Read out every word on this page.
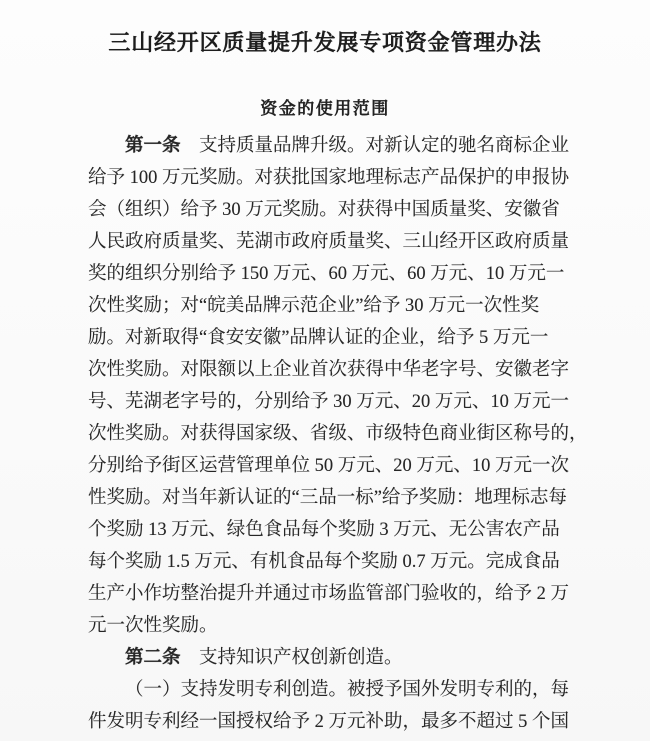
三山经开区质量提升发展专项资金管理办法
资金的使用范围
第一条　支持质量品牌升级。对新认定的驰名商标企业
给予 100 万元奖励。对获批国家地理标志产品保护的申报协
会（组织）给予 30 万元奖励。对获得中国质量奖、安徽省
人民政府质量奖、芜湖市政府质量奖、三山经开区政府质量
奖的组织分别给予 150 万元、60 万元、60 万元、10 万元一
次性奖励；对“皖美品牌示范企业”给予 30 万元一次性奖
励。对新取得“食安安徽”品牌认证的企业，给予 5 万元一
次性奖励。对限额以上企业首次获得中华老字号、安徽老字
号、芜湖老字号的，分别给予 30 万元、20 万元、10 万元一
次性奖励。对获得国家级、省级、市级特色商业街区称号的，
分别给予街区运营管理单位 50 万元、20 万元、10 万元一次
性奖励。对当年新认证的“三品一标”给予奖励：地理标志每
个奖励 13 万元、绿色食品每个奖励 3 万元、无公害农产品
每个奖励 1.5 万元、有机食品每个奖励 0.7 万元。完成食品
生产小作坊整治提升并通过市场监管部门验收的，给予 2 万
元一次性奖励。
第二条　支持知识产权创新创造。
（一）支持发明专利创造。被授予国外发明专利的，每
件发明专利经一国授权给予 2 万元补助，最多不超过 5 个国
